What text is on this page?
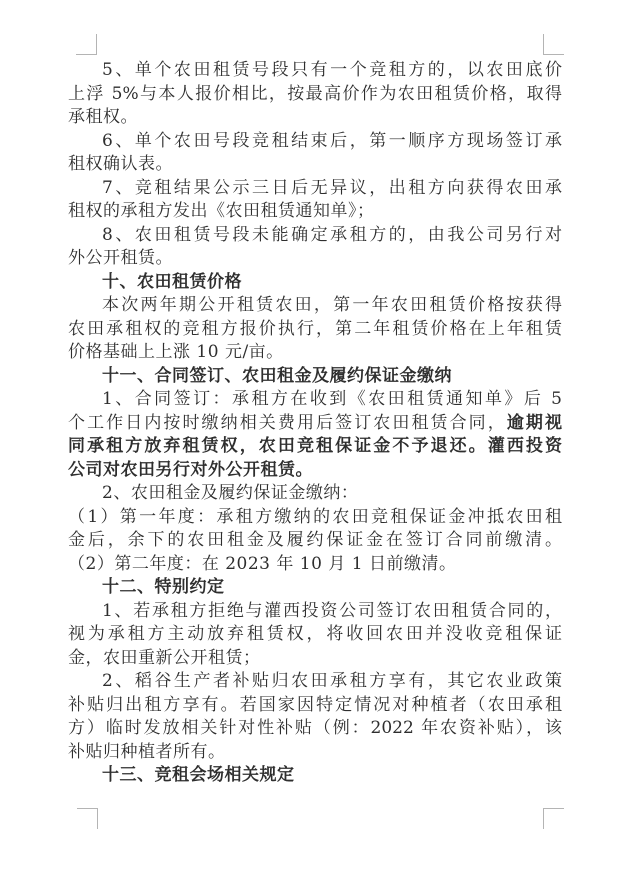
5、单个农田租赁号段只有一个竞租方的，以农田底价
上浮 5%与本人报价相比，按最高价作为农田租赁价格，取得
承租权。
6、单个农田号段竞租结束后，第一顺序方现场签订承
租权确认表。
7、竞租结果公示三日后无异议，出租方向获得农田承
租权的承租方发出《农田租赁通知单》；
8、农田租赁号段未能确定承租方的，由我公司另行对
外公开租赁。
十、农田租赁价格
本次两年期公开租赁农田，第一年农田租赁价格按获得
农田承租权的竞租方报价执行，第二年租赁价格在上年租赁
价格基础上上涨 10 元/亩。
十一、合同签订、农田租金及履约保证金缴纳
1、合同签订：承租方在收到《农田租赁通知单》后 5
个工作日内按时缴纳相关费用后签订农田租赁合同，逾期视
同承租方放弃租赁权，农田竞租保证金不予退还。灌西投资
公司对农田另行对外公开租赁。
2、农田租金及履约保证金缴纳：
（1）第一年度：承租方缴纳的农田竞租保证金冲抵农田租
金后，余下的农田租金及履约保证金在签订合同前缴清。
（2）第二年度：在 2023 年 10 月 1 日前缴清。
十二、特别约定
1、若承租方拒绝与灌西投资公司签订农田租赁合同的，
视为承租方主动放弃租赁权，将收回农田并没收竞租保证
金，农田重新公开租赁；
2、稻谷生产者补贴归农田承租方享有，其它农业政策
补贴归出租方享有。若国家因特定情况对种植者（农田承租
方）临时发放相关针对性补贴（例：2022 年农资补贴），该
补贴归种植者所有。
十三、竞租会场相关规定
